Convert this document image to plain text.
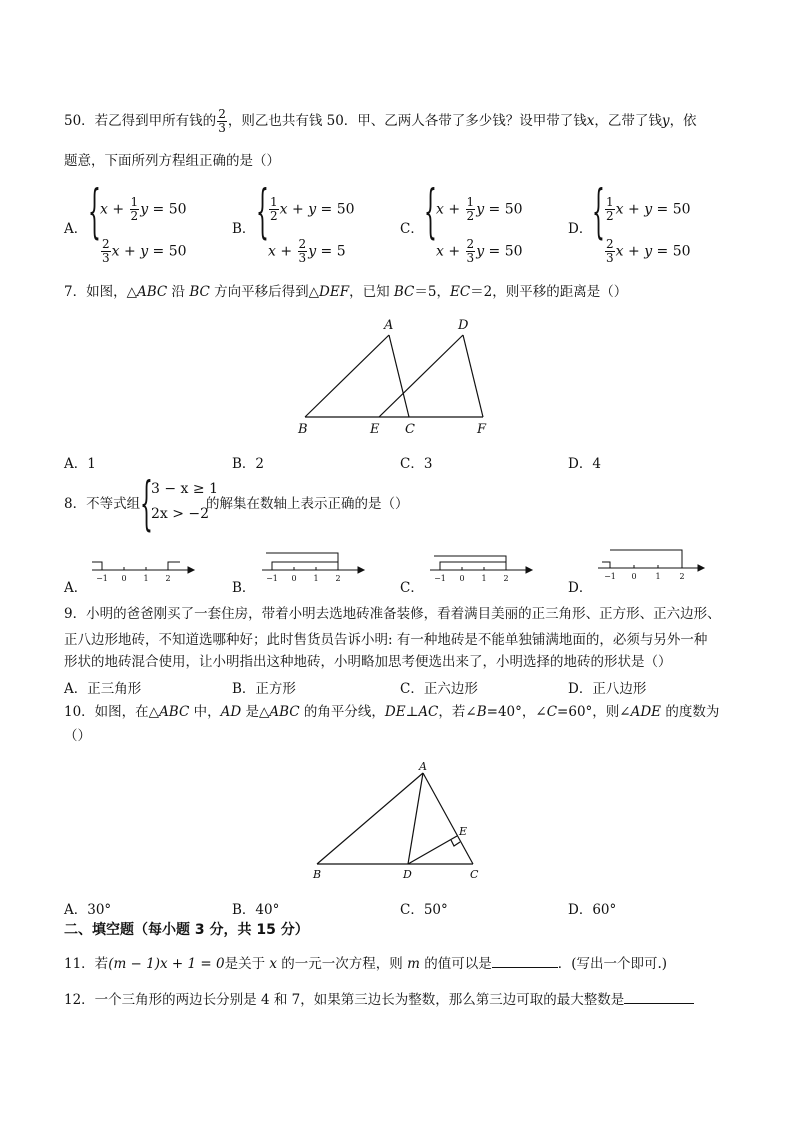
50．若乙得到甲所有钱的 $\frac{2}{3}$ ，则乙也共有钱 50．甲、乙两人各带了多少钱？设甲带了钱x，乙带了钱y，依
题意，下面所列方程组正确的是（）
A． { $x + \frac{1}{2}$ y = 50
$\frac{2}{3}$ x + y = 50
B． { $\frac{1}{2}$ x + y = 50
$x + \frac{2}{3}$ y = 5
C． { $x + \frac{1}{2}$ y = 50
$x + \frac{2}{3}$ y = 50
D． { $\frac{1}{2}$ x + y = 50
$\frac{2}{3}$ x + y = 50
7．如图，△ABC 沿 BC 方向平移后得到△DEF，已知 BC＝5，EC＝2，则平移的距离是（）
A	D
B	E C	F
A．1	B．2	C．3	D．4
8．不等式组 {
3 − x ≥ 1
2x > −2
的解集在数轴上表示正确的是（）
A．
−1 0 1 2
B．
−1 0 1 2
C．
−1 0 1 2
D．
−1 0 1 2
9．小明的爸爸刚买了一套住房，带着小明去选地砖准备装修，看着满目美丽的正三角形、正方形、正六边形、
正八边形地砖，不知道选哪种好；此时售货员告诉小明: 有一种地砖是不能单独铺满地面的，必须与另外一种
形状的地砖混合使用，让小明指出这种地砖，小明略加思考便选出来了，小明选择的地砖的形状是（）
A．正三角形	B．正方形	C．正六边形	D．正八边形
10．如图，在△ABC 中，AD 是△ABC 的角平分线，DE⊥AC，若∠B=40°，∠C=60°，则∠ADE 的度数为
（）
A
B	C
D
E
A．30°	B．40°	C．50°	D．60°
二、填空题（每小题 3 分，共 15 分）
11．若(m − 1)x + 1 = 0是关于 x 的一元一次方程，则 m 的值可以是	．(写出一个即可.)
12．一个三角形的两边长分别是 4 和 7，如果第三边长为整数，那么第三边可取的最大整数是
